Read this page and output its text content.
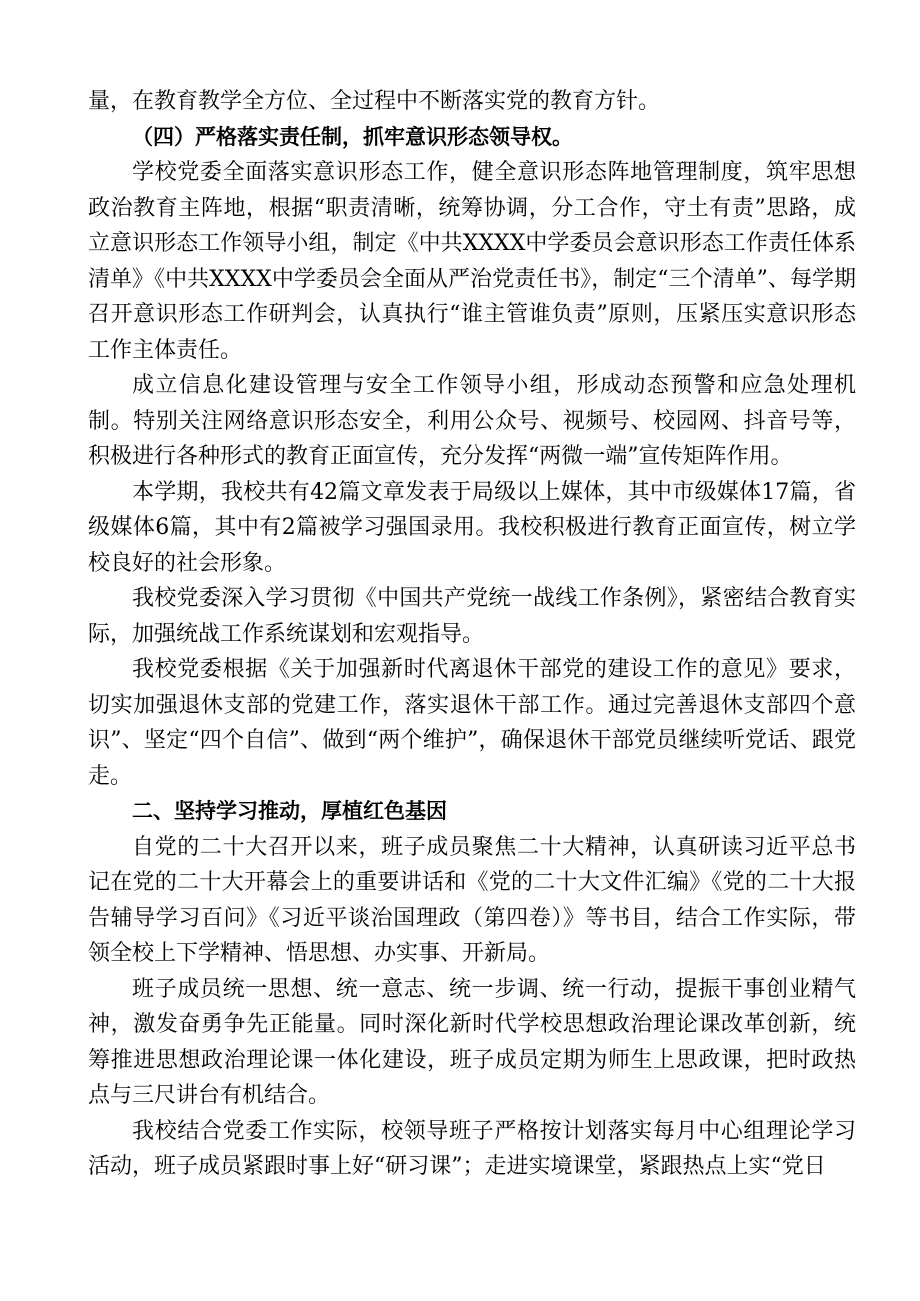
量，在教育教学全方位、全过程中不断落实党的教育方针。

（四）严格落实责任制，抓牢意识形态领导权。

学校党委全面落实意识形态工作，健全意识形态阵地管理制度，筑牢思想政治教育主阵地，根据“职责清晰，统筹协调，分工合作，守土有责”思路，成立意识形态工作领导小组，制定《中共XXXX中学委员会意识形态工作责任体系清单》《中共XXXX中学委员会全面从严治党责任书》，制定“三个清单”、每学期召开意识形态工作研判会，认真执行“谁主管谁负责”原则，压紧压实意识形态工作主体责任。

成立信息化建设管理与安全工作领导小组，形成动态预警和应急处理机制。特别关注网络意识形态安全，利用公众号、视频号、校园网、抖音号等，积极进行各种形式的教育正面宣传，充分发挥“两微一端”宣传矩阵作用。

本学期，我校共有42篇文章发表于局级以上媒体，其中市级媒体17篇，省级媒体6篇，其中有2篇被学习强国录用。我校积极进行教育正面宣传，树立学校良好的社会形象。

我校党委深入学习贯彻《中国共产党统一战线工作条例》，紧密结合教育实际，加强统战工作系统谋划和宏观指导。

我校党委根据《关于加强新时代离退休干部党的建设工作的意见》要求，切实加强退休支部的党建工作，落实退休干部工作。通过完善退休支部四个意识”、坚定“四个自信”、做到“两个维护”，确保退休干部党员继续听党话、跟党走。

二、坚持学习推动，厚植红色基因

自党的二十大召开以来，班子成员聚焦二十大精神，认真研读习近平总书记在党的二十大开幕会上的重要讲话和《党的二十大文件汇编》《党的二十大报告辅导学习百问》《习近平谈治国理政（第四卷）》等书目，结合工作实际，带领全校上下学精神、悟思想、办实事、开新局。

班子成员统一思想、统一意志、统一步调、统一行动，提振干事创业精气神，激发奋勇争先正能量。同时深化新时代学校思想政治理论课改革创新，统筹推进思想政治理论课一体化建设，班子成员定期为师生上思政课，把时政热点与三尺讲台有机结合。

我校结合党委工作实际，校领导班子严格按计划落实每月中心组理论学习活动，班子成员紧跟时事上好“研习课”；走进实境课堂，紧跟热点上实“党日
